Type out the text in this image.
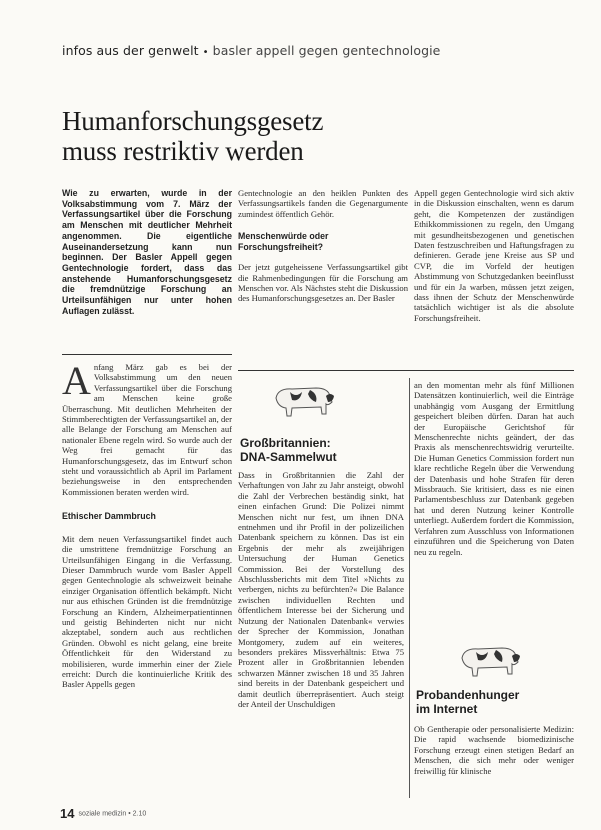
infos aus der genwelt • basler appell gegen gentechnologie
Humanforschungsgesetz
muss restriktiv werden
Wie zu erwarten, wurde in der Volksabstimmung vom 7. März der Verfassungsartikel über die Forschung am Menschen mit deutlicher Mehrheit angenommen. Die eigentliche Auseinandersetzung kann nun beginnen. Der Basler Appell gegen Gentechnologie fordert, dass das anstehende Humanforschungsgesetz die fremdnützige Forschung an Urteilsunfähigen nur unter hohen Auflagen zulässt.

Anfang März gab es bei der Volksabstimmung um den neuen Verfassungsartikel über die Forschung am Menschen keine große Überraschung. Mit deutlichen Mehrheiten der Stimmberechtigten der Verfassungsartikel an, der alle Belange der Forschung am Menschen auf nationaler Ebene regeln wird. So wurde auch der Weg frei gemacht für das Humanforschungsgesetz, das im Entwurf schon steht und voraussichtlich ab April im Parlament beziehungsweise in den entsprechenden Kommissionen beraten werden wird.

Ethischer Dammbruch

Mit dem neuen Verfassungsartikel findet auch die umstrittene fremdnützige Forschung an Urteilsunfähigen Eingang in die Verfassung. Dieser Dammbruch wurde vom Basler Appell gegen Gentechnologie als schweizweit beinahe einziger Organisation öffentlich bekämpft. Nicht nur aus ethischen Gründen ist die fremdnützige Forschung an Kindern, Alzheimerpatientinnen und geistig Behinderten nicht nur nicht akzeptabel, sondern auch aus rechtlichen Gründen. Obwohl es nicht gelang, eine breite Öffentlichkeit für den Widerstand zu mobilisieren, wurde immerhin einer der Ziele erreicht: Durch die kontinuierliche Kritik des Basler Appells gegen

Gentechnologie an den heiklen Punkten des Verfassungsartikels fanden die Gegenargumente zumindest öffentlich Gehör.

Menschenwürde oder Forschungsfreiheit?

Der jetzt gutgeheissene Verfassungsartikel gibt die Rahmenbedingungen für die Forschung am Menschen vor. Als Nächstes steht die Diskussion des Humanforschungsgesetzes an. Der Basler

Appell gegen Gentechnologie wird sich aktiv in die Diskussion einschalten, wenn es darum geht, die Kompetenzen der zuständigen Ethikkommissionen zu regeln, den Umgang mit gesundheitsbezogenen und genetischen Daten festzuschreiben und Haftungsfragen zu definieren. Gerade jene Kreise aus SP und CVP, die im Vorfeld der heutigen Abstimmung von Schutzgedanken beeinflusst und für ein Ja warben, müssen jetzt zeigen, dass ihnen der Schutz der Menschenwürde tatsächlich wichtiger ist als die absolute Forschungsfreiheit.

Großbritannien:
DNA-Sammelwut

Dass in Großbritannien die Zahl der Verhaftungen von Jahr zu Jahr ansteigt, obwohl die Zahl der Verbrechen beständig sinkt, hat einen einfachen Grund: Die Polizei nimmt Menschen nicht nur fest, um ihnen DNA entnehmen und ihr Profil in der polizeilichen Datenbank speichern zu können. Das ist ein Ergebnis der mehr als zweijährigen Untersuchung der Human Genetics Commission. Bei der Vorstellung des Abschlussberichts mit dem Titel »Nichts zu verbergen, nichts zu befürchten?« Die Balance zwischen individuellen Rechten und öffentlichem Interesse bei der Sicherung und Nutzung der Nationalen Datenbank« verwies der Sprecher der Kommission, Jonathan Montgomery, zudem auf ein weiteres, besonders prekäres Missverhältnis: Etwa 75 Prozent aller in Großbritannien lebenden schwarzen Männer zwischen 18 und 35 Jahren sind bereits in der Datenbank gespeichert und damit deutlich überrepräsentiert. Auch steigt der Anteil der Unschuldigen

an den momentan mehr als fünf Millionen Datensätzen kontinuierlich, weil die Einträge unabhängig vom Ausgang der Ermittlung gespeichert bleiben dürfen. Daran hat auch der Europäische Gerichtshof für Menschenrechte nichts geändert, der das Praxis als menschenrechtswidrig verurteilte. Die Human Genetics Commission fordert nun klare rechtliche Regeln über die Verwendung der Datenbasis und hohe Strafen für deren Missbrauch. Sie kritisiert, dass es nie einen Parlamentsbeschluss zur Datenbank gegeben hat und deren Nutzung keiner Kontrolle unterliegt. Außerdem fordert die Kommission, Verfahren zum Ausschluss von Informationen einzuführen und die Speicherung von Daten neu zu regeln.

Probandenhunger
im Internet

Ob Gentherapie oder personalisierte Medizin: Die rapid wachsende biomedizinische Forschung erzeugt einen stetigen Bedarf an Menschen, die sich mehr oder weniger freiwillig für klinische

14 soziale medizin • 2.10
